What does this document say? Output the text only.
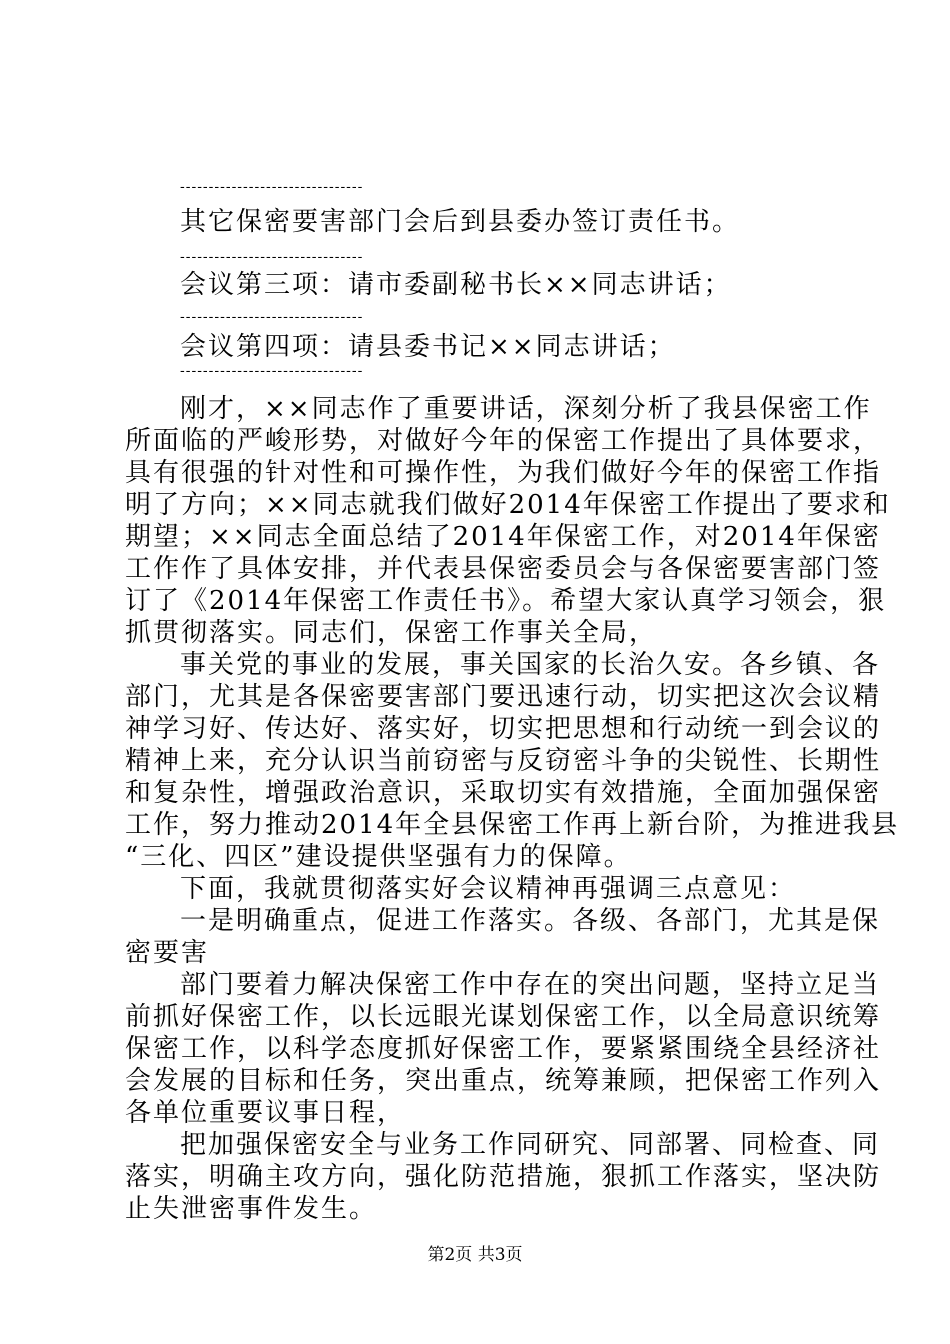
--------------------------------
其它保密要害部门会后到县委办签订责任书。
--------------------------------
会议第三项：请市委副秘书长××同志讲话；
--------------------------------
会议第四项：请县委书记××同志讲话；
--------------------------------
刚才，××同志作了重要讲话，深刻分析了我县保密工作
所面临的严峻形势，对做好今年的保密工作提出了具体要求，
具有很强的针对性和可操作性，为我们做好今年的保密工作指
明了方向；××同志就我们做好2014年保密工作提出了要求和
期望；××同志全面总结了2014年保密工作，对2014年保密
工作作了具体安排，并代表县保密委员会与各保密要害部门签
订了《2014年保密工作责任书》。希望大家认真学习领会，狠
抓贯彻落实。同志们，保密工作事关全局，
事关党的事业的发展，事关国家的长治久安。各乡镇、各
部门，尤其是各保密要害部门要迅速行动，切实把这次会议精
神学习好、传达好、落实好，切实把思想和行动统一到会议的
精神上来，充分认识当前窃密与反窃密斗争的尖锐性、长期性
和复杂性，增强政治意识，采取切实有效措施，全面加强保密
工作，努力推动2014年全县保密工作再上新台阶，为推进我县
“三化、四区”建设提供坚强有力的保障。
下面，我就贯彻落实好会议精神再强调三点意见：
一是明确重点，促进工作落实。各级、各部门，尤其是保
密要害
部门要着力解决保密工作中存在的突出问题，坚持立足当
前抓好保密工作，以长远眼光谋划保密工作，以全局意识统筹
保密工作，以科学态度抓好保密工作，要紧紧围绕全县经济社
会发展的目标和任务，突出重点，统筹兼顾，把保密工作列入
各单位重要议事日程，
把加强保密安全与业务工作同研究、同部署、同检查、同
落实，明确主攻方向，强化防范措施，狠抓工作落实，坚决防
止失泄密事件发生。
第2页 共3页
